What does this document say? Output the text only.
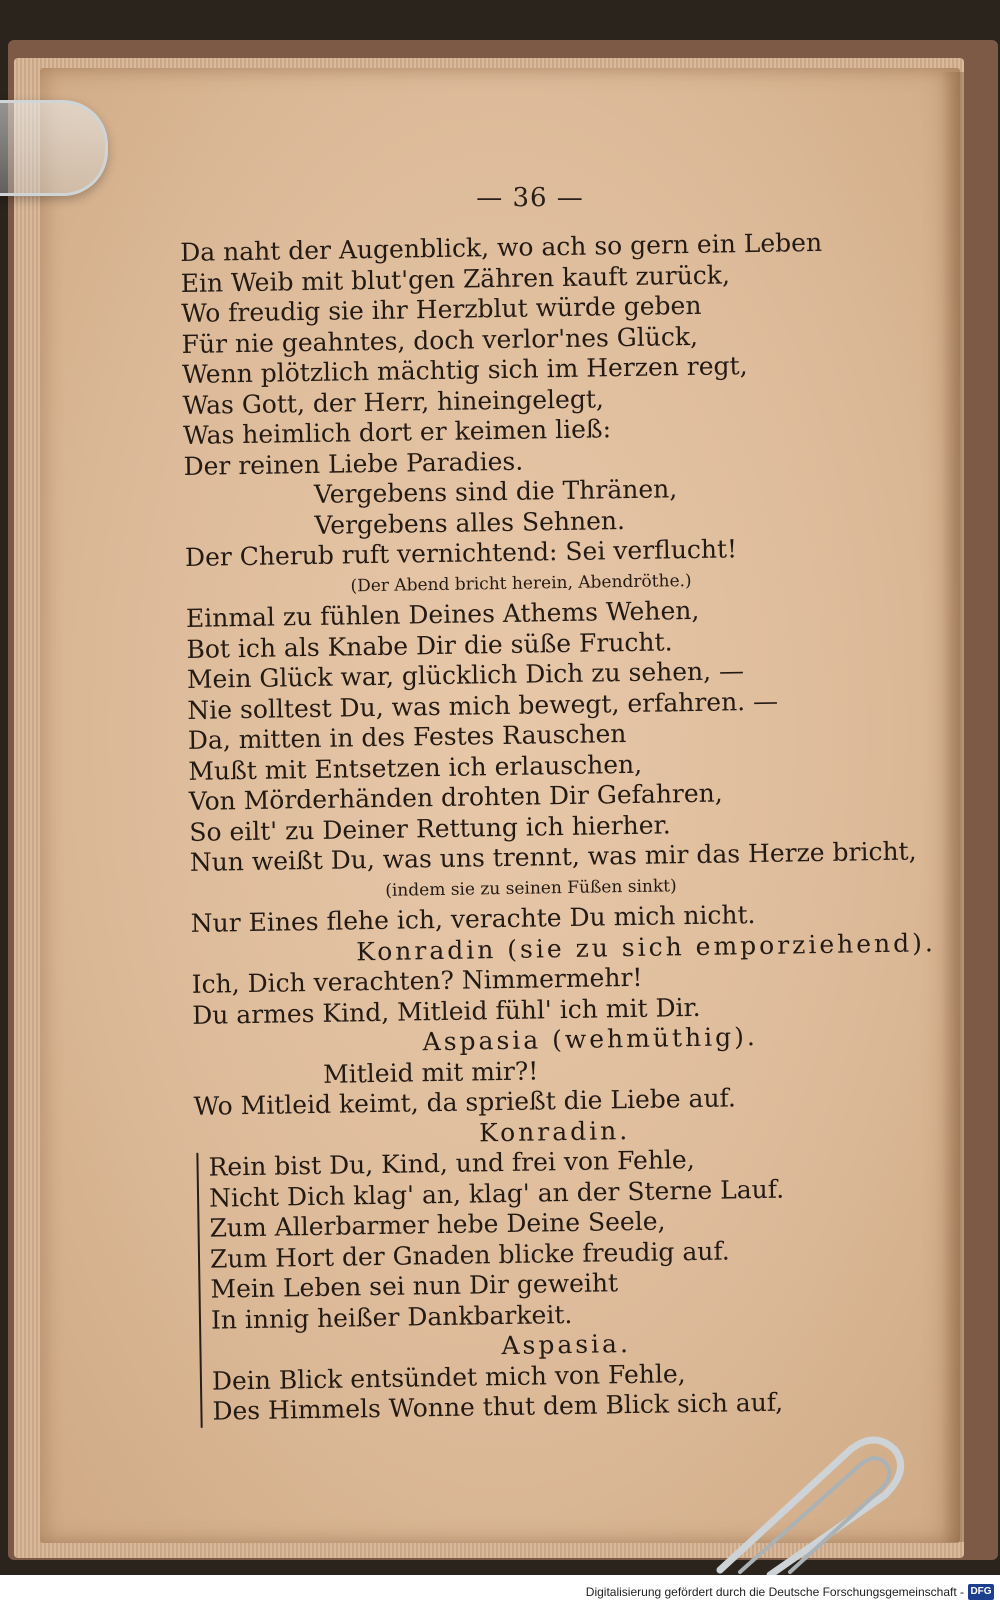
— 36 —
Da naht der Augenblick, wo ach so gern ein Leben
Ein Weib mit blut'gen Zähren kauft zurück,
Wo freudig sie ihr Herzblut würde geben
Für nie geahntes, doch verlor'nes Glück,
Wenn plötzlich mächtig sich im Herzen regt,
Was Gott, der Herr, hineingelegt,
Was heimlich dort er keimen ließ:
Der reinen Liebe Paradies.
Vergebens sind die Thränen,
Vergebens alles Sehnen.
Der Cherub ruft vernichtend: Sei verflucht!
(Der Abend bricht herein, Abendröthe.)
Einmal zu fühlen Deines Athems Wehen,
Bot ich als Knabe Dir die süße Frucht.
Mein Glück war, glücklich Dich zu sehen, —
Nie solltest Du, was mich bewegt, erfahren. —
Da, mitten in des Festes Rauschen
Mußt mit Entsetzen ich erlauschen,
Von Mörderhänden drohten Dir Gefahren,
So eilt' zu Deiner Rettung ich hierher.
Nun weißt Du, was uns trennt, was mir das Herze bricht,
(indem sie zu seinen Füßen sinkt)
Nur Eines flehe ich, verachte Du mich nicht.
Konradin (sie zu sich emporziehend).
Ich, Dich verachten? Nimmermehr!
Du armes Kind, Mitleid fühl' ich mit Dir.
Aspasia (wehmüthig).
Mitleid mit mir?!
Wo Mitleid keimt, da sprießt die Liebe auf.
Konradin.
Rein bist Du, Kind, und frei von Fehle,
Nicht Dich klag' an, klag' an der Sterne Lauf.
Zum Allerbarmer hebe Deine Seele,
Zum Hort der Gnaden blicke freudig auf.
Mein Leben sei nun Dir geweiht
In innig heißer Dankbarkeit.
Aspasia.
Dein Blick entsündet mich von Fehle,
Des Himmels Wonne thut dem Blick sich auf,
Digitalisierung gefördert durch die Deutsche Forschungsgemeinschaft - DFG
